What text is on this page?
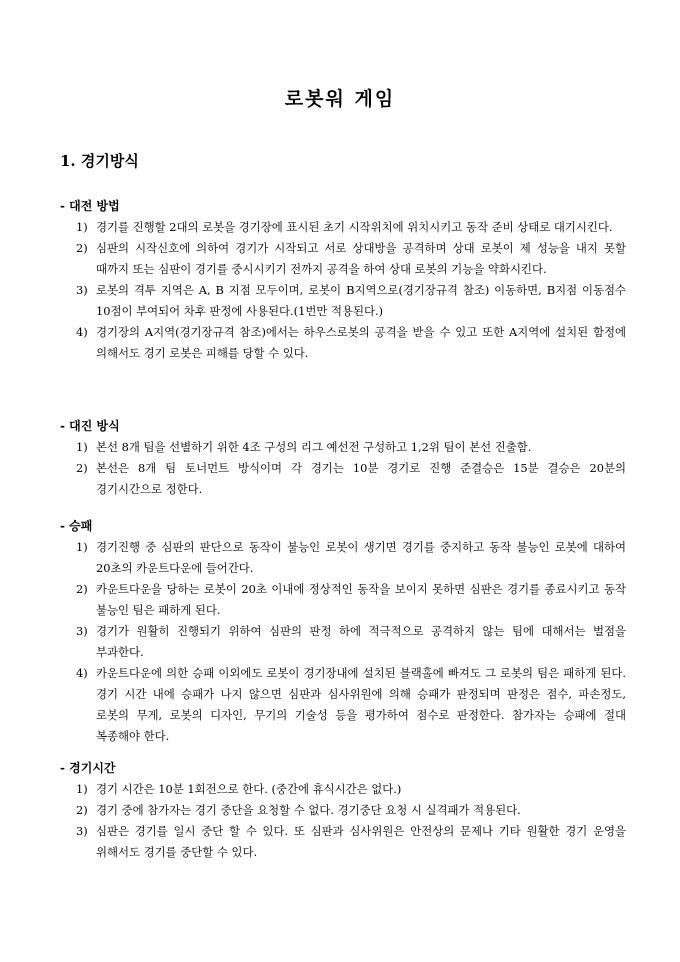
로봇워 게임
1. 경기방식
- 대전 방법
1) 경기를 진행할 2대의 로봇을 경기장에 표시된 초기 시작위치에 위치시키고 동작 준비 상태로 대기시킨다.
2) 심판의 시작신호에 의하여 경기가 시작되고 서로 상대방을 공격하며 상대 로봇이 제 성능을 내지 못할 때까지 또는 심판이 경기를 중시시키기 전까지 공격을 하여 상대 로봇의 기능을 약화시킨다.
3) 로봇의 격투 지역은 A, B 지점 모두이며, 로봇이 B지역으로(경기장규격 참조) 이동하면, B지점 이동점수 10점이 부여되어 차후 판정에 사용된다.(1번만 적용된다.)
4) 경기장의 A지역(경기장규격 참조)에서는 하우스로봇의 공격을 받을 수 있고 또한 A지역에 설치된 함정에 의해서도 경기 로봇은 피해를 당할 수 있다.
- 대진 방식
1) 본선 8개 팀을 선별하기 위한 4조 구성의 리그 예선전 구성하고 1,2위 팀이 본선 진출함.
2) 본선은 8개 팀 토너먼트 방식이며 각 경기는 10분 경기로 진행 준결승은 15분 결승은 20분의 경기시간으로 정한다.
- 승패
1) 경기진행 중 심판의 판단으로 동작이 불능인 로봇이 생기면 경기를 중지하고 동작 불능인 로봇에 대하여 20초의 카운트다운에 들어간다.
2) 카운트다운을 당하는 로봇이 20초 이내에 정상적인 동작을 보이지 못하면 심판은 경기를 종료시키고 동작 불능인 팀은 패하게 된다.
3) 경기가 원활히 진행되기 위하여 심판의 판정 하에 적극적으로 공격하지 않는 팀에 대해서는 벌점을 부과한다.
4) 카운트다운에 의한 승패 이외에도 로봇이 경기장내에 설치된 블랙홀에 빠져도 그 로봇의 팀은 패하게 된다. 경기 시간 내에 승패가 나지 않으면 심판과 심사위원에 의해 승패가 판정되며 판정은 점수, 파손정도, 로봇의 무게, 로봇의 디자인, 무기의 기술성 등을 평가하여 점수로 판정한다. 참가자는 승패에 절대 복종해야 한다.
- 경기시간
1) 경기 시간은 10분 1회전으로 한다. (중간에 휴식시간은 없다.)
2) 경기 중에 참가자는 경기 중단을 요청할 수 없다. 경기중단 요청 시 실격패가 적용된다.
3) 심판은 경기를 일시 중단 할 수 있다. 또 심판과 심사위원은 안전상의 문제나 기타 원활한 경기 운영을 위해서도 경기를 중단할 수 있다.
